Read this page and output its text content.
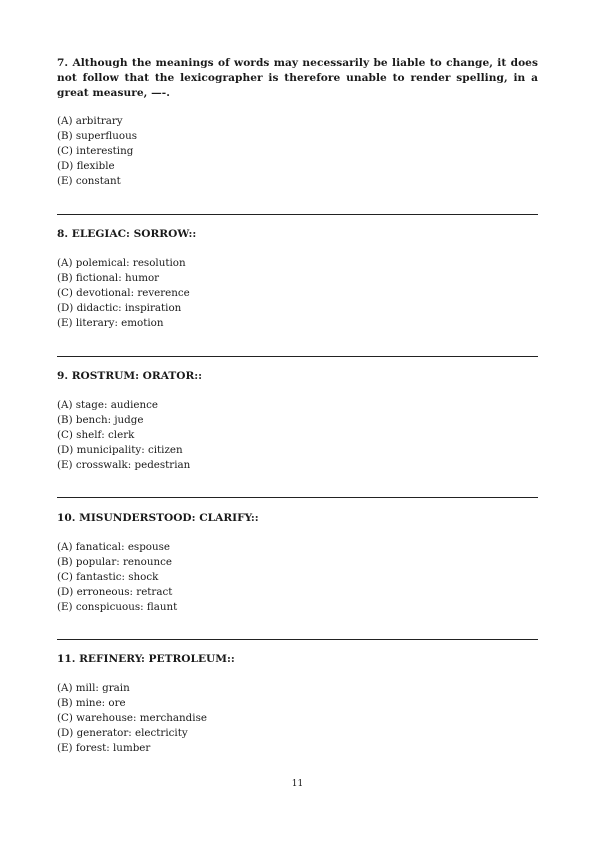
7. Although the meanings of words may necessarily be liable to change, it does not follow that the lexicographer is therefore unable to render spelling, in a great measure, —-.

(A) arbitrary
(B) superfluous
(C) interesting
(D) flexible
(E) constant

8. ELEGIAC: SORROW::

(A) polemical: resolution
(B) fictional: humor
(C) devotional: reverence
(D) didactic: inspiration
(E) literary: emotion

9. ROSTRUM: ORATOR::

(A) stage: audience
(B) bench: judge
(C) shelf: clerk
(D) municipality: citizen
(E) crosswalk: pedestrian

10. MISUNDERSTOOD: CLARIFY::

(A) fanatical: espouse
(B) popular: renounce
(C) fantastic: shock
(D) erroneous: retract
(E) conspicuous: flaunt

11. REFINERY: PETROLEUM::

(A) mill: grain
(B) mine: ore
(C) warehouse: merchandise
(D) generator: electricity
(E) forest: lumber
11
